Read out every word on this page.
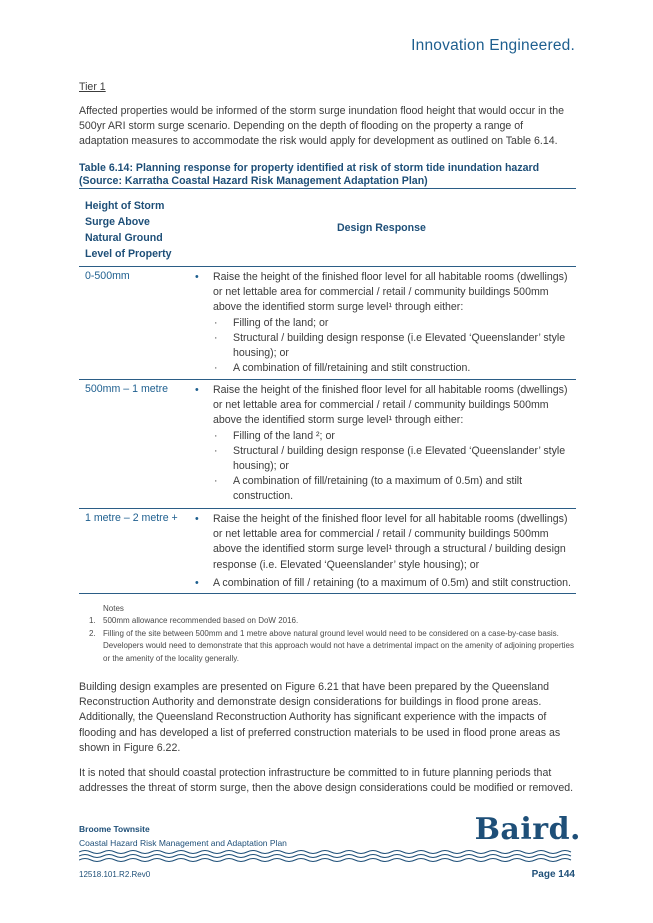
Innovation Engineered.
Tier 1
Affected properties would be informed of the storm surge inundation flood height that would occur in the 500yr ARI storm surge scenario. Depending on the depth of flooding on the property a range of adaptation measures to accommodate the risk would apply for development as outlined on Table 6.14.
Table 6.14: Planning response for property identified at risk of storm tide inundation hazard
(Source: Karratha Coastal Hazard Risk Management Adaptation Plan)
Height of Storm
Surge Above
Natural Ground
Level of Property
Design Response
0-500mm	• Raise the height of the finished floor level for all habitable rooms (dwellings) or net lettable area for commercial / retail / community buildings 500mm above the identified storm surge level¹ through either:
· Filling of the land; or
· Structural / building design response (i.e Elevated ‘Queenslander’ style housing); or
· A combination of fill/retaining and stilt construction.
500mm – 1 metre	• Raise the height of the finished floor level for all habitable rooms (dwellings) or net lettable area for commercial / retail / community buildings 500mm above the identified storm surge level¹ through either:
· Filling of the land ²; or
· Structural / building design response (i.e Elevated ‘Queenslander’ style housing); or
· A combination of fill/retaining (to a maximum of 0.5m) and stilt construction.
1 metre – 2 metre + • Raise the height of the finished floor level for all habitable rooms (dwellings) or net lettable area for commercial / retail / community buildings 500mm above the identified storm surge level¹ through a structural / building design response (i.e. Elevated ‘Queenslander’ style housing); or
• A combination of fill / retaining (to a maximum of 0.5m) and stilt construction.
Notes
1. 500mm allowance recommended based on DoW 2016.
2. Filling of the site between 500mm and 1 metre above natural ground level would need to be considered on a case-by-case basis. Developers would need to demonstrate that this approach would not have a detrimental impact on the amenity of adjoining properties or the amenity of the locality generally.
Building design examples are presented on Figure 6.21 that have been prepared by the Queensland Reconstruction Authority and demonstrate design considerations for buildings in flood prone areas. Additionally, the Queensland Reconstruction Authority has significant experience with the impacts of flooding and has developed a list of preferred construction materials to be used in flood prone areas as shown in Figure 6.22.
It is noted that should coastal protection infrastructure be committed to in future planning periods that addresses the threat of storm surge, then the above design considerations could be modified or removed.
Broome Townsite
Coastal Hazard Risk Management and Adaptation Plan	Baird.
12518.101.R2.Rev0	Page 144
